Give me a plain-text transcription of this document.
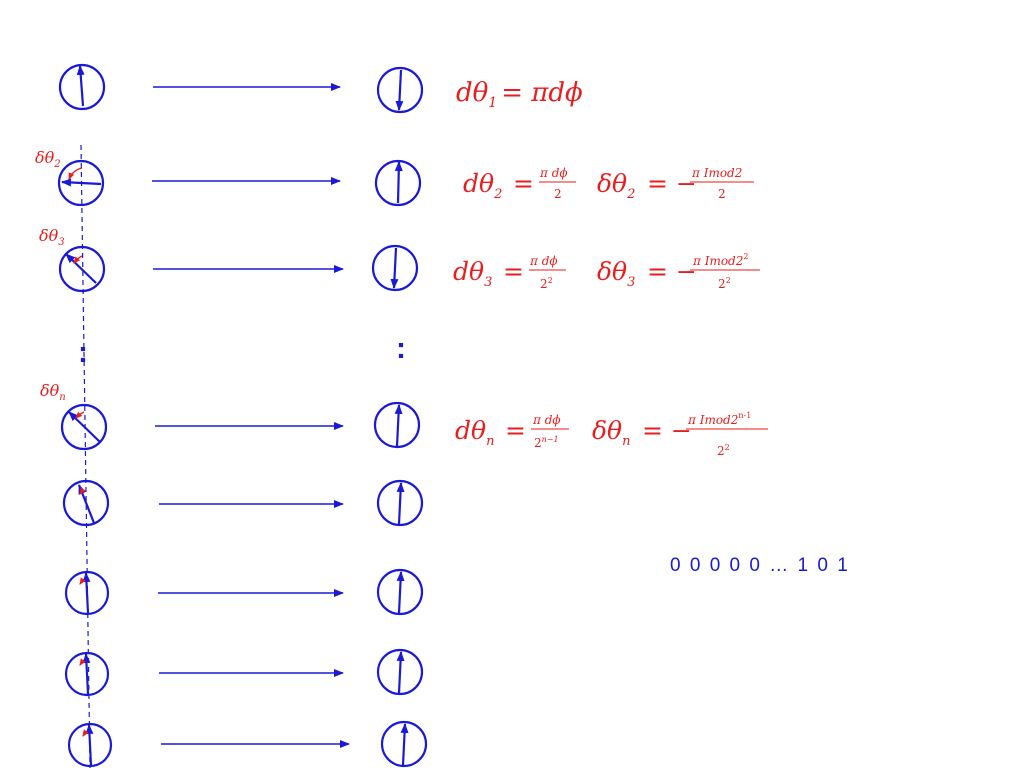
:	:
$\delta\theta_2$
$\delta\theta_3$
$\delta\theta_n$
$d\theta_1 = \pi d\phi$
$d\theta_2 = \pi$ dϕ
2 $\delta\theta_2$ = −
π Imod2
2
$d\theta_3 = \pi$ dϕ
$2^2$ $\delta\theta_3$ = −
π $Imod2^2$
$2^2$
$d\theta_n = \pi$ dϕ
$2^{n-1}$ $\delta\theta_n$ = −
π Imod2$^{n-1}$
$2^2$
0 0 0 0 0 … 1 0 1
